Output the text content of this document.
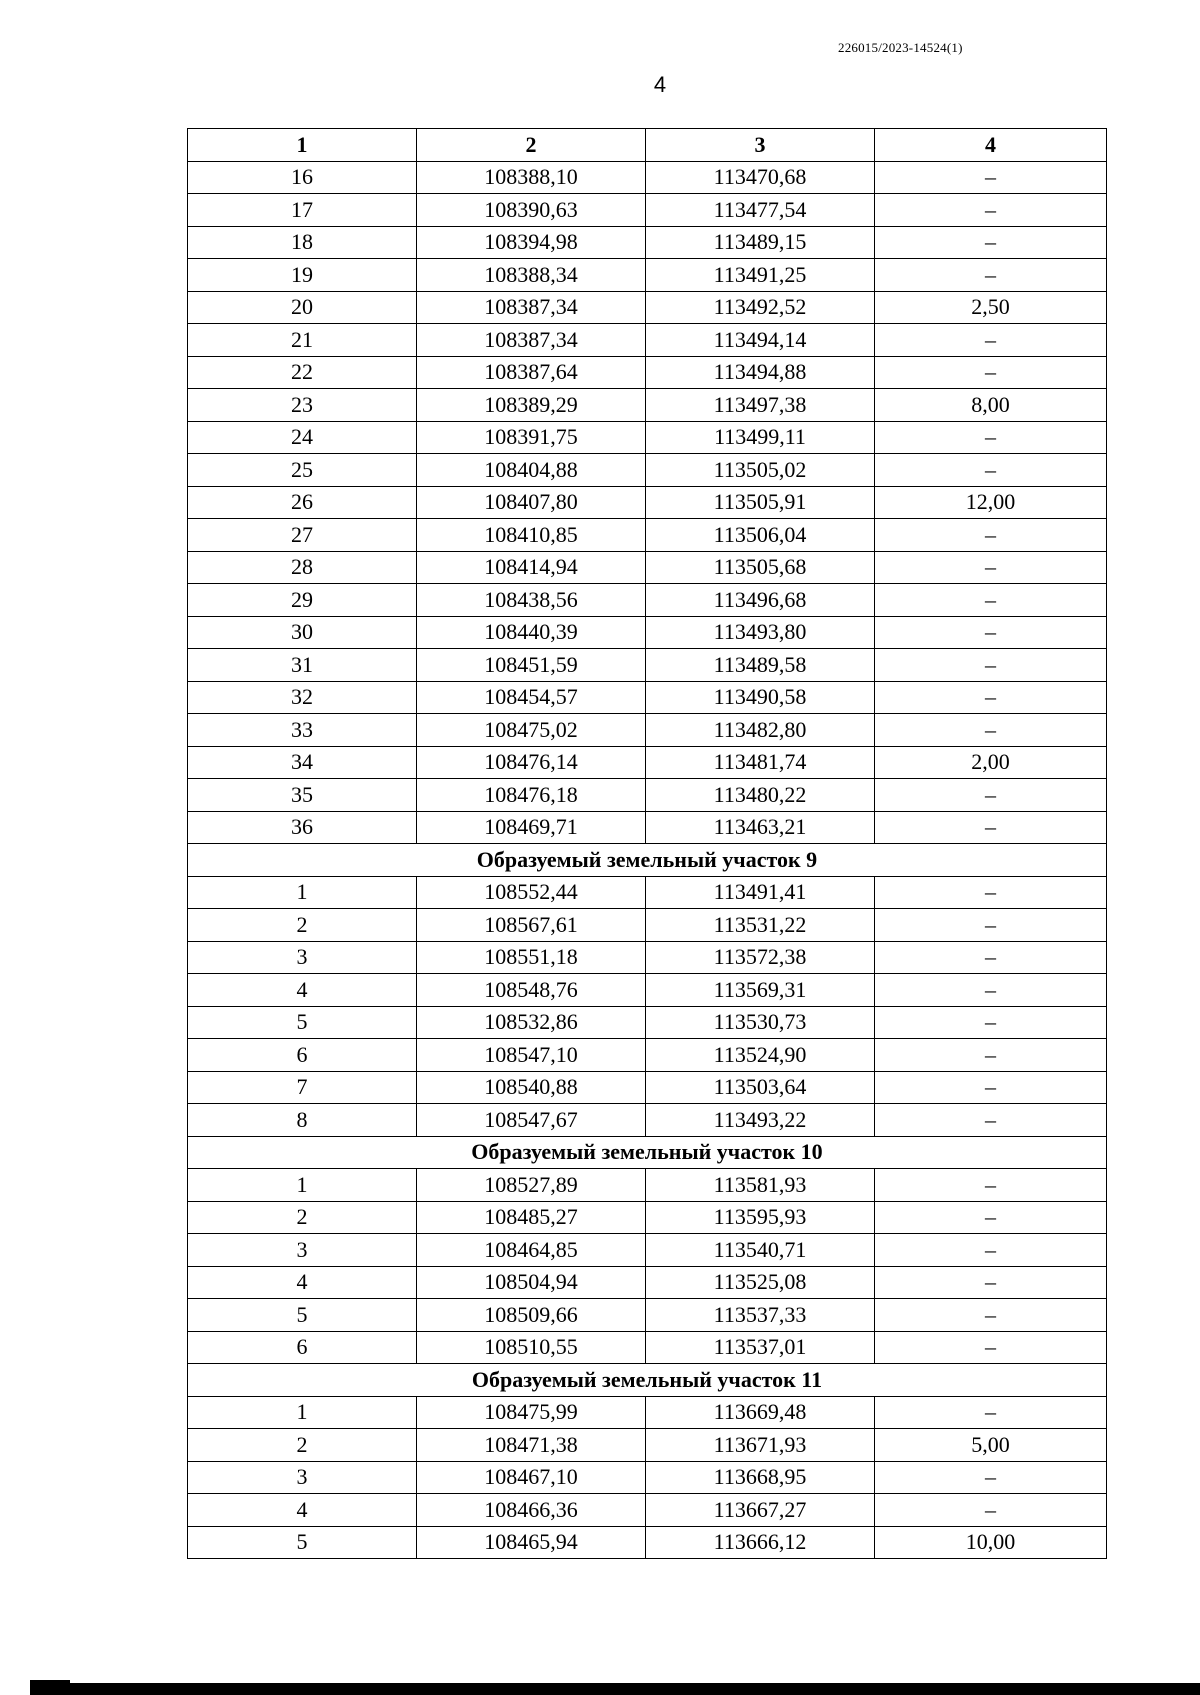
226015/2023-14524(1)
4
1	2	3	4
16	108388,10	113470,68	–
17	108390,63	113477,54	–
18	108394,98	113489,15	–
19	108388,34	113491,25	–
20	108387,34	113492,52	2,50
21	108387,34	113494,14	–
22	108387,64	113494,88	–
23	108389,29	113497,38	8,00
24	108391,75	113499,11	–
25	108404,88	113505,02	–
26	108407,80	113505,91	12,00
27	108410,85	113506,04	–
28	108414,94	113505,68	–
29	108438,56	113496,68	–
30	108440,39	113493,80	–
31	108451,59	113489,58	–
32	108454,57	113490,58	–
33	108475,02	113482,80	–
34	108476,14	113481,74	2,00
35	108476,18	113480,22	–
36	108469,71	113463,21	–
Образуемый земельный участок 9			
1	108552,44	113491,41	–
2	108567,61	113531,22	–
3	108551,18	113572,38	–
4	108548,76	113569,31	–
5	108532,86	113530,73	–
6	108547,10	113524,90	–
7	108540,88	113503,64	–
8	108547,67	113493,22	–
Образуемый земельный участок 10			
1	108527,89	113581,93	–
2	108485,27	113595,93	–
3	108464,85	113540,71	–
4	108504,94	113525,08	–
5	108509,66	113537,33	–
6	108510,55	113537,01	–
Образуемый земельный участок 11			
1	108475,99	113669,48	–
2	108471,38	113671,93	5,00
3	108467,10	113668,95	–
4	108466,36	113667,27	–
5	108465,94	113666,12	10,00
